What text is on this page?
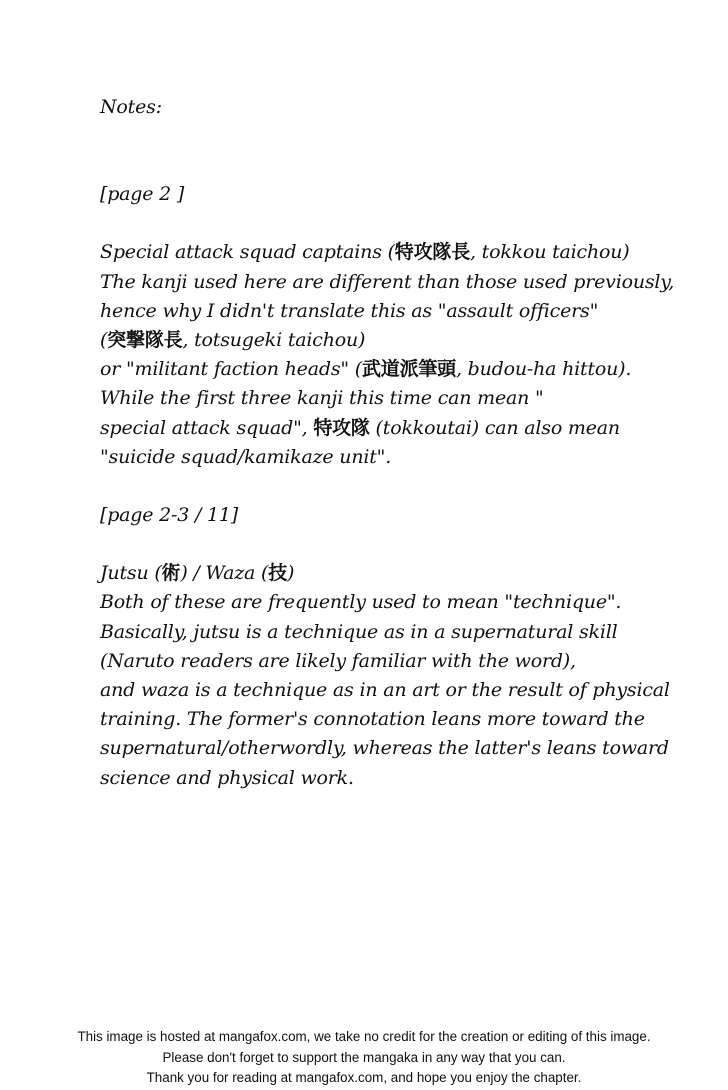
Notes:
[page 2 ]
Special attack squad captains (特攻隊長, tokkou taichou)
The kanji used here are different than those used previously,
hence why I didn't translate this as "assault officers"
(突撃隊長, totsugeki taichou)
or "militant faction heads" (武道派筆頭, budou-ha hittou).
While the first three kanji this time can mean "
special attack squad", 特攻隊 (tokkoutai) can also mean
"suicide squad/kamikaze unit".
[page 2-3 / 11]
Jutsu (術) / Waza (技)
Both of these are frequently used to mean "technique".
Basically, jutsu is a technique as in a supernatural skill
(Naruto readers are likely familiar with the word),
and waza is a technique as in an art or the result of physical
training. The former's connotation leans more toward the
supernatural/otherwordly, whereas the latter's leans toward
science and physical work.
This image is hosted at mangafox.com, we take no credit for the creation or editing of this image.
Please don't forget to support the mangaka in any way that you can.
Thank you for reading at mangafox.com, and hope you enjoy the chapter.
